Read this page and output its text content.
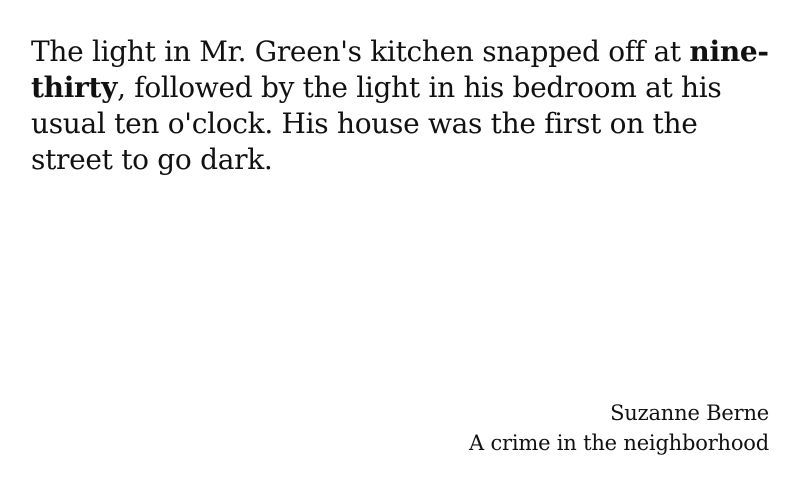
The light in Mr. Green's kitchen snapped off at nine-thirty, followed by the light in his bedroom at his usual ten o'clock. His house was the first on the street to go dark.

Suzanne Berne
A crime in the neighborhood
